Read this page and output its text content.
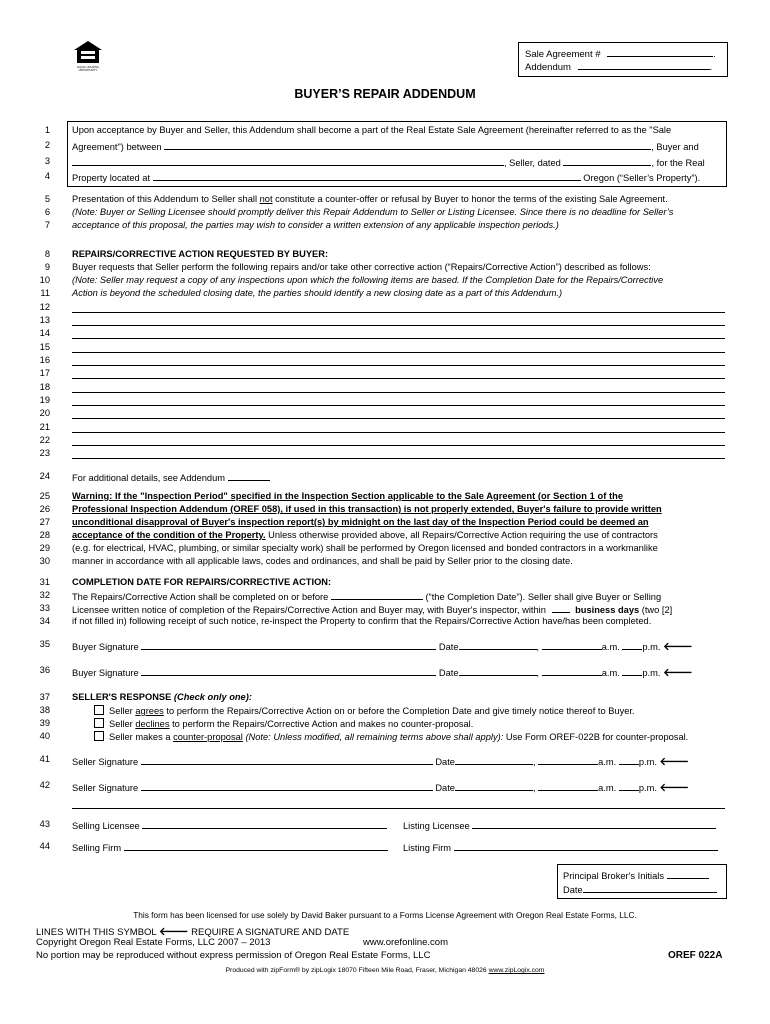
EQUAL HOUSING OPPORTUNITY
Sale Agreement #	.
Addendum	.
BUYER’S REPAIR ADDENDUM
1 Upon acceptance by Buyer and Seller, this Addendum shall become a part of the Real Estate Sale Agreement (hereinafter referred to as the "Sale
2 Agreement") between	, Buyer and
3	, Seller, dated	, for the Real
4 Property located at	Oregon (“Seller’s Property”).
5 Presentation of this Addendum to Seller shall not constitute a counter-offer or refusal by Buyer to honor the terms of the existing Sale Agreement.
6 (Note: Buyer or Selling Licensee should promptly deliver this Repair Addendum to Seller or Listing Licensee. Since there is no deadline for Seller’s
7 acceptance of this proposal, the parties may wish to consider a written extension of any applicable inspection periods.)
8 REPAIRS/CORRECTIVE ACTION REQUESTED BY BUYER:
9 Buyer requests that Seller perform the following repairs and/or take other corrective action (“Repairs/Corrective Action”) described as follows:
10 (Note: Seller may request a copy of any inspections upon which the following items are based. If the Completion Date for the Repairs/Corrective
11 Action is beyond the scheduled closing date, the parties should identify a new closing date as a part of this Addendum.)
12
13
14
15
16
17
18
19
20
21
22
23
24 For additional details, see Addendum
25 Warning: If the "Inspection Period" specified in the Inspection Section applicable to the Sale Agreement (or Section 1 of the
26 Professional Inspection Addendum (OREF 058), if used in this transaction) is not properly extended, Buyer's failure to provide written
27 unconditional disapproval of Buyer's inspection report(s) by midnight on the last day of the Inspection Period could be deemed an
28 acceptance of the condition of the Property. Unless otherwise provided above, all Repairs/Corrective Action requiring the use of contractors
29 (e.g. for electrical, HVAC, plumbing, or similar specialty work) shall be performed by Oregon licensed and bonded contractors in a workmanlike
30 manner in accordance with all applicable laws, codes and ordinances, and shall be paid by Seller prior to the closing date.
31 COMPLETION DATE FOR REPAIRS/CORRECTIVE ACTION:
32 The Repairs/Corrective Action shall be completed on or before	(“the Completion Date”). Seller shall give Buyer or Selling
33 Licensee written notice of completion of the Repairs/Corrective Action and Buyer may, with Buyer's inspector, within	business days (two [2]
34 if not filled in) following receipt of such notice, re-inspect the Property to confirm that the Repairs/Corrective Action have/has been completed.
35 Buyer Signature	Date	,	a.m. p.m. 🡐
36 Buyer Signature	Date	,	a.m. p.m. 🡐
37 SELLER'S RESPONSE (Check only one):
38	Seller agrees to perform the Repairs/Corrective Action on or before the Completion Date and give timely notice thereof to Buyer.
39	Seller declines to perform the Repairs/Corrective Action and makes no counter-proposal.
40	Seller makes a counter-proposal (Note: Unless modified, all remaining terms above shall apply): Use Form OREF-022B for counter-proposal.
41 Seller Signature	Date	,	a.m. p.m. 🡐
42 Seller Signature	Date	,	a.m. p.m. 🡐
43 Selling Licensee	Listing Licensee
44 Selling Firm	Listing Firm
Principal Broker's Initials
Date
This form has been licensed for use solely by David Baker pursuant to a Forms License Agreement with Oregon Real Estate Forms, LLC.
LINES WITH THIS SYMBOL 🡐 REQUIRE A SIGNATURE AND DATE
Copyright Oregon Real Estate Forms, LLC 2007 – 2013	www.orefonline.com
No portion may be reproduced without express permission of Oregon Real Estate Forms, LLC	OREF 022A
Produced with zipForm® by zipLogix 18070 Fifteen Mile Road, Fraser, Michigan 48026 www.zipLogix.com
